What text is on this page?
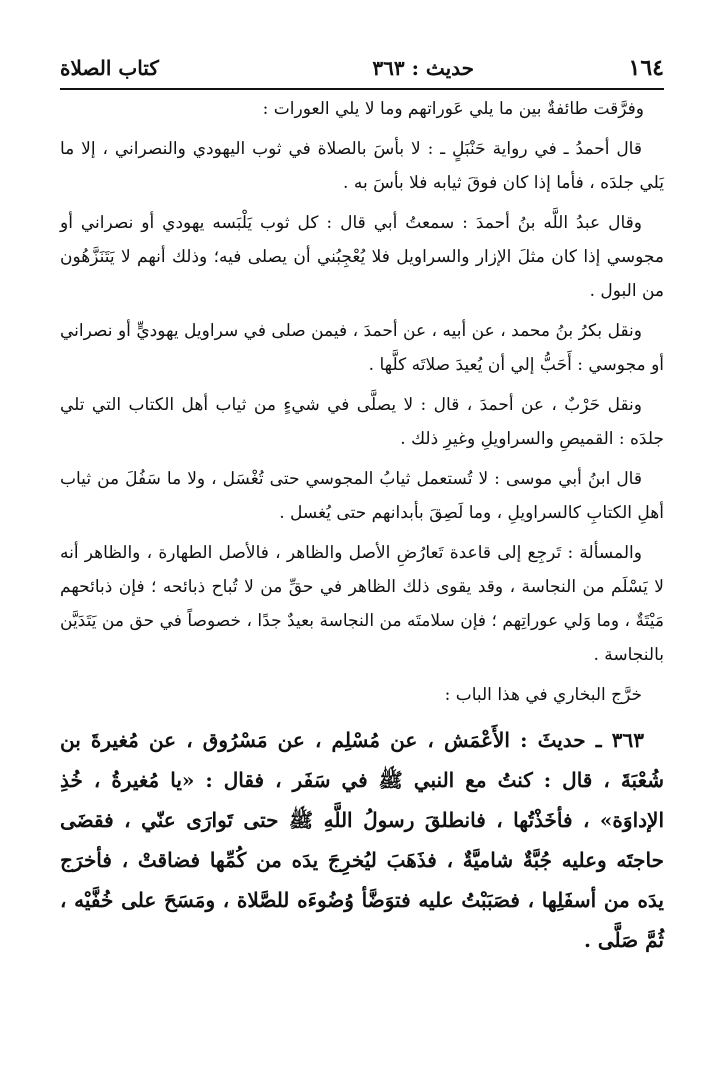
١٦٤
حديث : ٣٦٣
كتاب الصلاة

وفرَّقت طائفةٌ بين ما يلي عَوراتهم وما لا يلي العورات :

قال أحمدُ ـ في رواية حَنْبَلٍ ـ : لا بأسَ بالصلاة في ثوب اليهودي والنصراني ، إلا ما يَلي جلدَه ، فأما إذا كان فوقَ ثيابه فلا بأسَ به .

وقال عبدُ اللَّه بنُ أحمدَ : سمعتُ أبي قال : كل ثوب يَلْبَسه يهودي أو نصراني أو مجوسي إذا كان مثلَ الإزار والسراويل فلا يُعْجِبُني أن يصلى فيه؛ وذلك أنهم لا يَتَنَزَّهُون من البول .

ونقل بكرُ بنُ محمد ، عن أبيه ، عن أحمدَ ، فيمن صلى في سراويل يهوديٍّ أو نصراني أو مجوسي : أَحَبُّ إلي أن يُعيدَ صلاتَه كلَّها .

ونقل حَرْبٌ ، عن أحمدَ ، قال : لا يصلَّى في شيءٍ من ثياب أهل الكتاب التي تلي جلدَه : القميصِ والسراويلِ وغيرِ ذلك .

قال ابنُ أبي موسى : لا تُستعمل ثيابُ المجوسي حتى تُغْسَل ، ولا ما سَفُلَ من ثياب أهلِ الكتابِ كالسراويلِ ، وما لَصِقَ بأبدانهم حتى يُغسل .

والمسألة : تَرجِع إلى قاعدة تَعارُضِ الأصل والظاهر ، فالأصل الطهارة ، والظاهر أنه لا يَسْلَم من النجاسة ، وقد يقوى ذلك الظاهر في حقِّ من لا تُباح ذبائحه ؛ فإن ذبائحهم مَيْتَةٌ ، وما وَلي عوراتِهم ؛ فإن سلامتَه من النجاسة بعيدٌ جدًا ، خصوصاً في حق من يَتَدَيَّن بالنجاسة .

خرَّج البخاري في هذا الباب :

٣٦٣ ـ حديثَ : الأَعْمَش ، عن مُسْلِم ، عن مَسْرُوق ، عن مُغيرةَ بن شُعْبَةَ ، قال : كنتُ مع النبي ﷺ في سَفَر ، فقال : «يا مُغيرةُ ، خُذِ الإداوَة» ، فأخَذْتُها ، فانطلقَ رسولُ اللَّهِ ﷺ حتى تَوارَى عنّي ، فقضَى حاجتَه وعليه جُبَّةٌ شاميَّةٌ ، فذَهَبَ ليُخرِجَ يدَه من كُمِّها فضاقتْ ، فأخرَج يدَه من أسفَلِها ، فصَبَبْتُ عليه فتوَضَّأ وُضُوءَه للصَّلاة ، ومَسَحَ على خُفَّيْه ، ثُمَّ صَلَّى .
